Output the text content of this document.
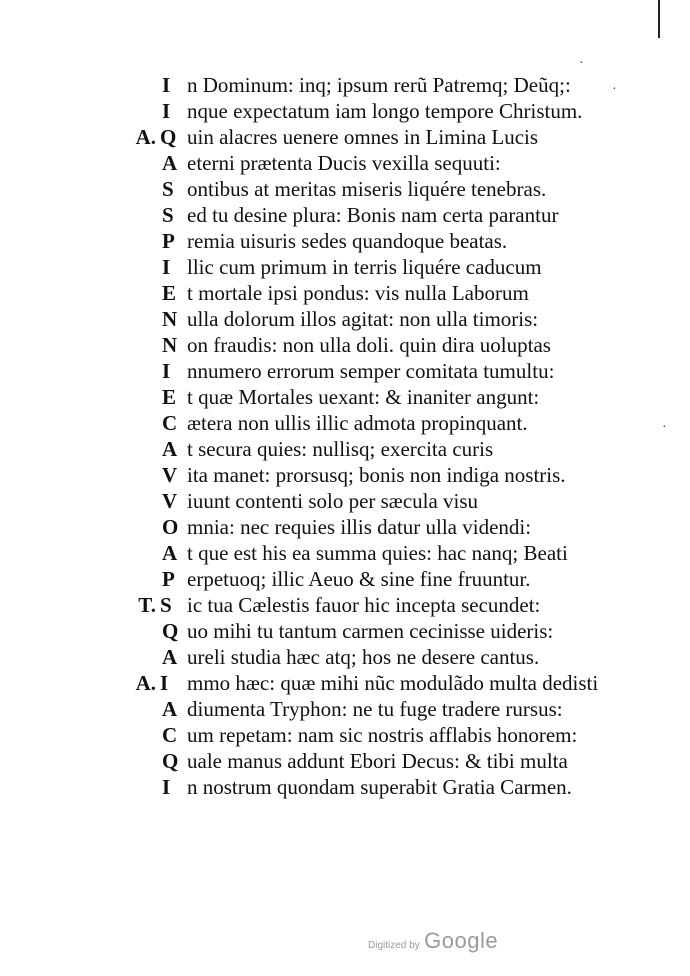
·
·
·
I n Dominum: inq; ipsum rerũ Patremq; Deũq;:
I nque expectatum iam longo tempore Christum.
A. Q uin alacres uenere omnes in Limina Lucis
A eterni prætenta Ducis vexilla sequuti:
S ontibus at meritas miseris liquére tenebras.
S ed tu desine plura: Bonis nam certa parantur
P remia uisuris sedes quandoque beatas.
I llic cum primum in terris liquére caducum
E t mortale ipsi pondus: vis nulla Laborum
N ulla dolorum illos agitat: non ulla timoris:
N on fraudis: non ulla doli. quin dira uoluptas
I nnumero errorum semper comitata tumultu:
E t quæ Mortales uexant: & inaniter angunt:
C ætera non ullis illic admota propinquant.
A t secura quies: nullisq; exercita curis
V ita manet: prorsusq; bonis non indiga nostris.
V iuunt contenti solo per sæcula visu
O mnia: nec requies illis datur ulla videndi:
A t que est his ea summa quies: hac nanq; Beati
P erpetuoq; illic Aeuo & sine fine fruuntur.
T. S ic tua Cælestis fauor hic incepta secundet:
Q uo mihi tu tantum carmen cecinisse uideris:
A ureli studia hæc atq; hos ne desere cantus.
A. I mmo hæc: quæ mihi nũc modulãdo multa dedisti
A diumenta Tryphon: ne tu fuge tradere rursus:
C um repetam: nam sic nostris afflabis honorem:
Q uale manus addunt Ebori Decus: & tibi multa
I n nostrum quondam superabit Gratia Carmen.
Digitized by Google
